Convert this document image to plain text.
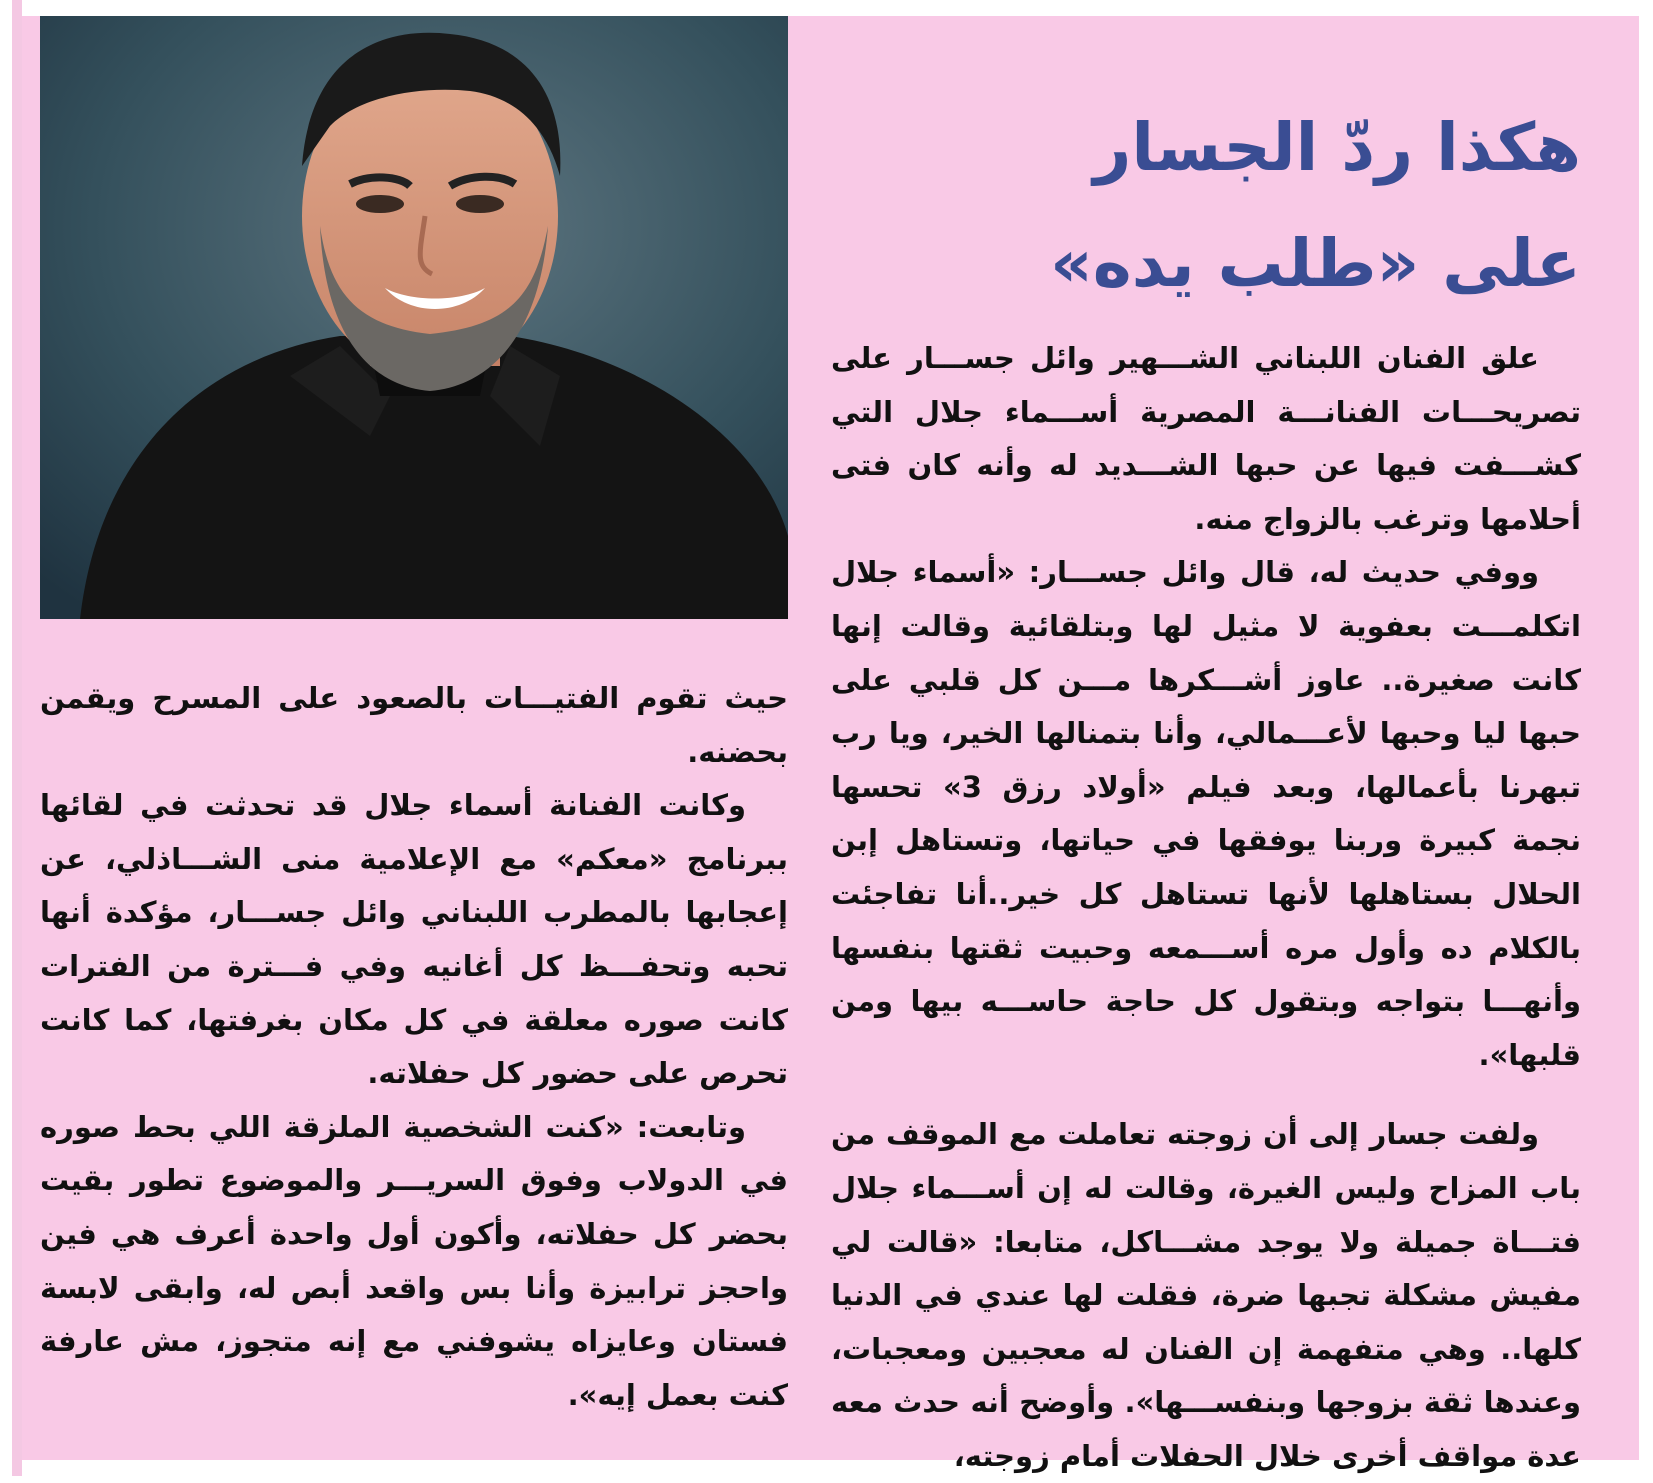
هكذا ردّ الجسار
على «طلب يده»

علق الفنان اللبناني الشـــهير وائل جســـار على تصريحـــات الفنانـــة المصرية أســـماء جلال التي كشـــفت فيها عن حبها الشـــديد له وأنه كان فتى أحلامها وترغب بالزواج منه.

ووفي حديث له، قال وائل جســـار: «أسماء جلال اتكلمـــت بعفوية لا مثيل لها وبتلقائية وقالت إنها كانت صغيرة.. عاوز أشـــكرها مـــن كل قلبي على حبها ليا وحبها لأعـــمالي، وأنا بتمنالها الخير، ويا رب تبهرنا بأعمالها، وبعد فيلم «أولاد رزق 3» تحسها نجمة كبيرة وربنا يوفقها في حياتها، وتستاهل إبن الحلال بستاهلها لأنها تستاهل كل خير..أنا تفاجئت بالكلام ده وأول مره أســـمعه وحبيت ثقتها بنفسها وأنهـــا بتواجه وبتقول كل حاجة حاســـه بيها ومن قلبها».

ولفت جسار إلى أن زوجته تعاملت مع الموقف من باب المزاح وليس الغيرة، وقالت له إن أســـماء جلال فتـــاة جميلة ولا يوجد مشـــاكل، متابعا: «قالت لي مفيش مشكلة تجبها ضرة، فقلت لها عندي في الدنيا كلها.. وهي متفهمة إن الفنان له معجبين ومعجبات، وعندها ثقة بزوجها وبنفســـها». وأوضح أنه حدث معه عدة مواقف أخرى خلال الحفلات أمام زوجته،

حيث تقوم الفتيـــات بالصعود على المسرح ويقمن بحضنه.

وكانت الفنانة أسماء جلال قد تحدثت في لقائها ببرنامج «معكم» مع الإعلامية منى الشـــاذلي، عن إعجابها بالمطرب اللبناني وائل جســـار، مؤكدة أنها تحبه وتحفـــظ كل أغانيه وفي فـــترة من الفترات كانت صوره معلقة في كل مكان بغرفتها، كما كانت تحرص على حضور كل حفلاته.

وتابعت: «كنت الشخصية الملزقة اللي بحط صوره في الدولاب وفوق السريـــر والموضوع تطور بقيت بحضر كل حفلاته، وأكون أول واحدة أعرف هي فين واحجز ترابيزة وأنا بس واقعد أبص له، وابقى لابسة فستان وعايزاه يشوفني مع إنه متجوز، مش عارفة كنت بعمل إيه».
